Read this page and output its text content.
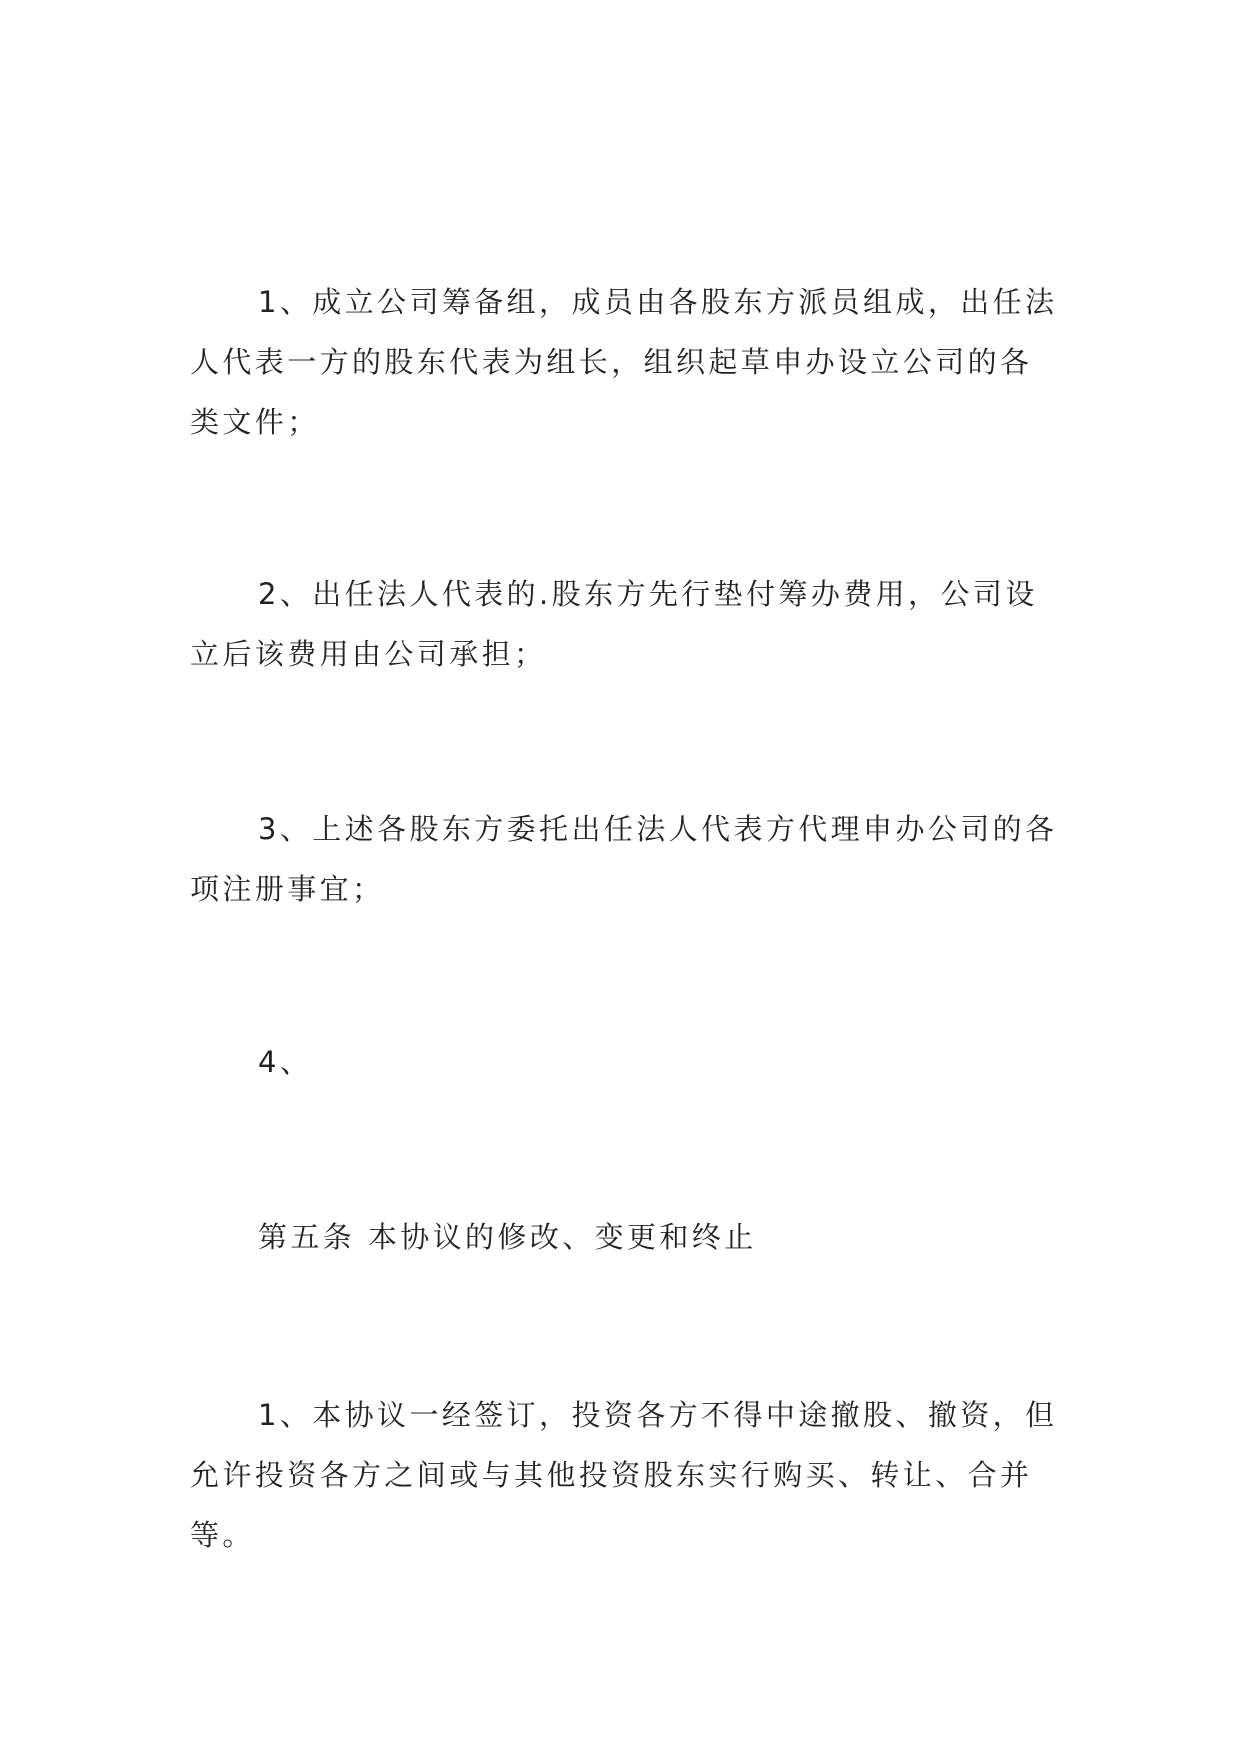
1、成立公司筹备组，成员由各股东方派员组成，出任法人代表一方的股东代表为组长，组织起草申办设立公司的各类文件；

2、出任法人代表的.股东方先行垫付筹办费用，公司设立后该费用由公司承担；

3、上述各股东方委托出任法人代表方代理申办公司的各项注册事宜；

4、

第五条 本协议的修改、变更和终止

1、本协议一经签订，投资各方不得中途撤股、撤资，但允许投资各方之间或与其他投资股东实行购买、转让、合并等。
